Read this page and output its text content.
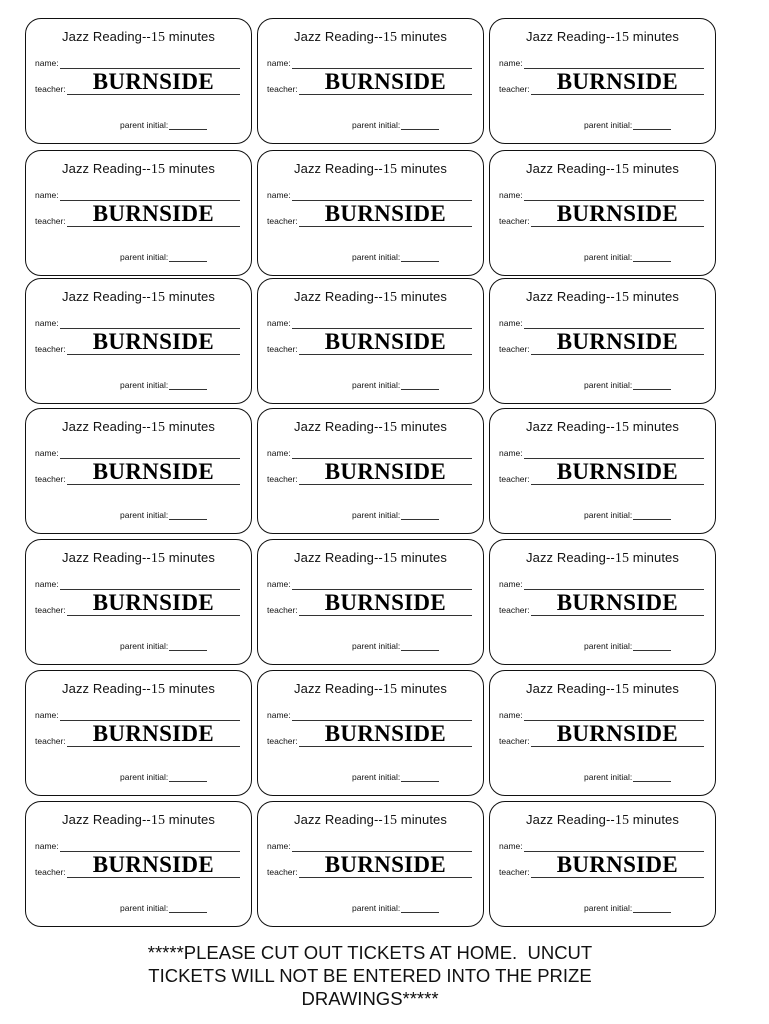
Jazz Reading--15 minutes
name:
teacher:	BURNSIDE
parent initial:
Jazz Reading--15 minutes
name:
teacher:	BURNSIDE
parent initial:
Jazz Reading--15 minutes
name:
teacher:	BURNSIDE
parent initial:
Jazz Reading--15 minutes
name:
teacher:	BURNSIDE
parent initial:
Jazz Reading--15 minutes
name:
teacher:	BURNSIDE
parent initial:
Jazz Reading--15 minutes
name:
teacher:	BURNSIDE
parent initial:
Jazz Reading--15 minutes
name:
teacher:	BURNSIDE
parent initial:
Jazz Reading--15 minutes
name:
teacher:	BURNSIDE
parent initial:
Jazz Reading--15 minutes
name:
teacher:	BURNSIDE
parent initial:
Jazz Reading--15 minutes
name:
teacher:	BURNSIDE
parent initial:
Jazz Reading--15 minutes
name:
teacher:	BURNSIDE
parent initial:
Jazz Reading--15 minutes
name:
teacher:	BURNSIDE
parent initial:
Jazz Reading--15 minutes
name:
teacher:	BURNSIDE
parent initial:
Jazz Reading--15 minutes
name:
teacher:	BURNSIDE
parent initial:
Jazz Reading--15 minutes
name:
teacher:	BURNSIDE
parent initial:
Jazz Reading--15 minutes
name:
teacher:	BURNSIDE
parent initial:
Jazz Reading--15 minutes
name:
teacher:	BURNSIDE
parent initial:
Jazz Reading--15 minutes
name:
teacher:	BURNSIDE
parent initial:
Jazz Reading--15 minutes
name:
teacher:	BURNSIDE
parent initial:
Jazz Reading--15 minutes
name:
teacher:	BURNSIDE
parent initial:
Jazz Reading--15 minutes
name:
teacher:	BURNSIDE
parent initial:
*****PLEASE CUT OUT TICKETS AT HOME.  UNCUT
TICKETS WILL NOT BE ENTERED INTO THE PRIZE
DRAWINGS*****
